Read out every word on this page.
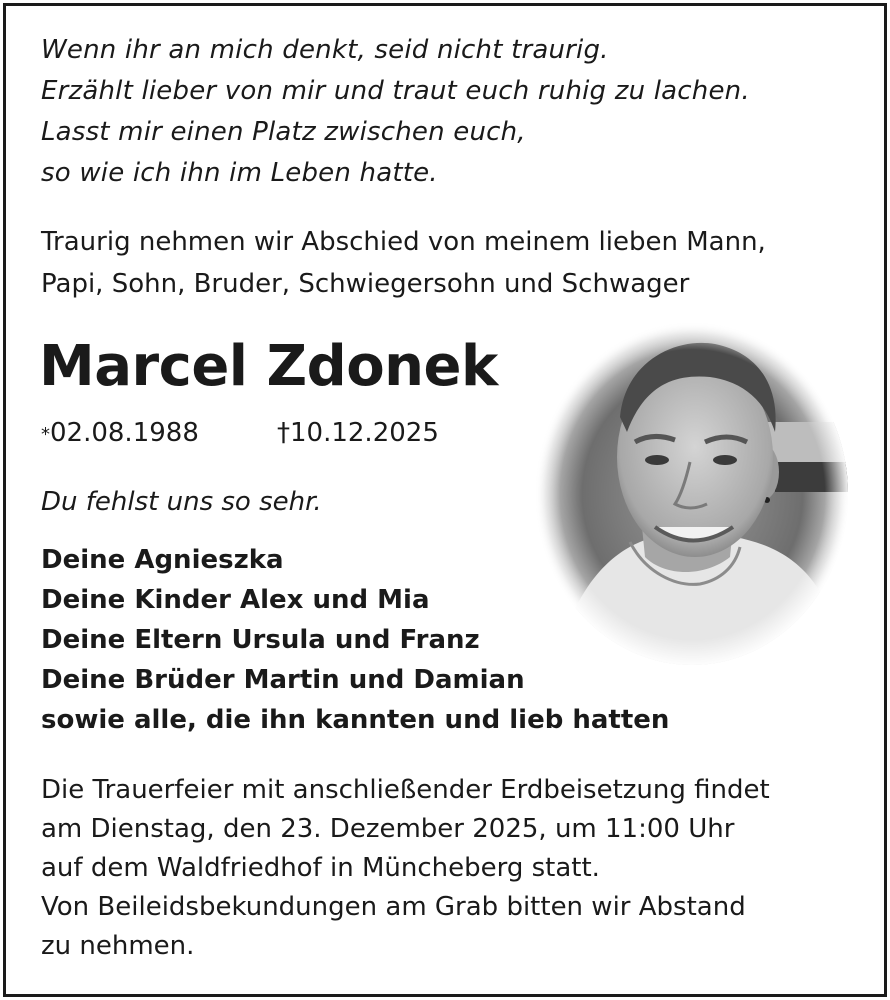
Wenn ihr an mich denkt, seid nicht traurig.
Erzählt lieber von mir und traut euch ruhig zu lachen.
Lasst mir einen Platz zwischen euch,
so wie ich ihn im Leben hatte.
Traurig nehmen wir Abschied von meinem lieben Mann,
Papi, Sohn, Bruder, Schwiegersohn und Schwager
Marcel Zdonek
*02.08.1988	†10.12.2025
Du fehlst uns so sehr.
Deine Agnieszka
Deine Kinder Alex und Mia
Deine Eltern Ursula und Franz
Deine Brüder Martin und Damian
sowie alle, die ihn kannten und lieb hatten
Die Trauerfeier mit anschließender Erdbeisetzung findet
am Dienstag, den 23. Dezember 2025, um 11:00 Uhr
auf dem Waldfriedhof in Müncheberg statt.
Von Beileidsbekundungen am Grab bitten wir Abstand
zu nehmen.
